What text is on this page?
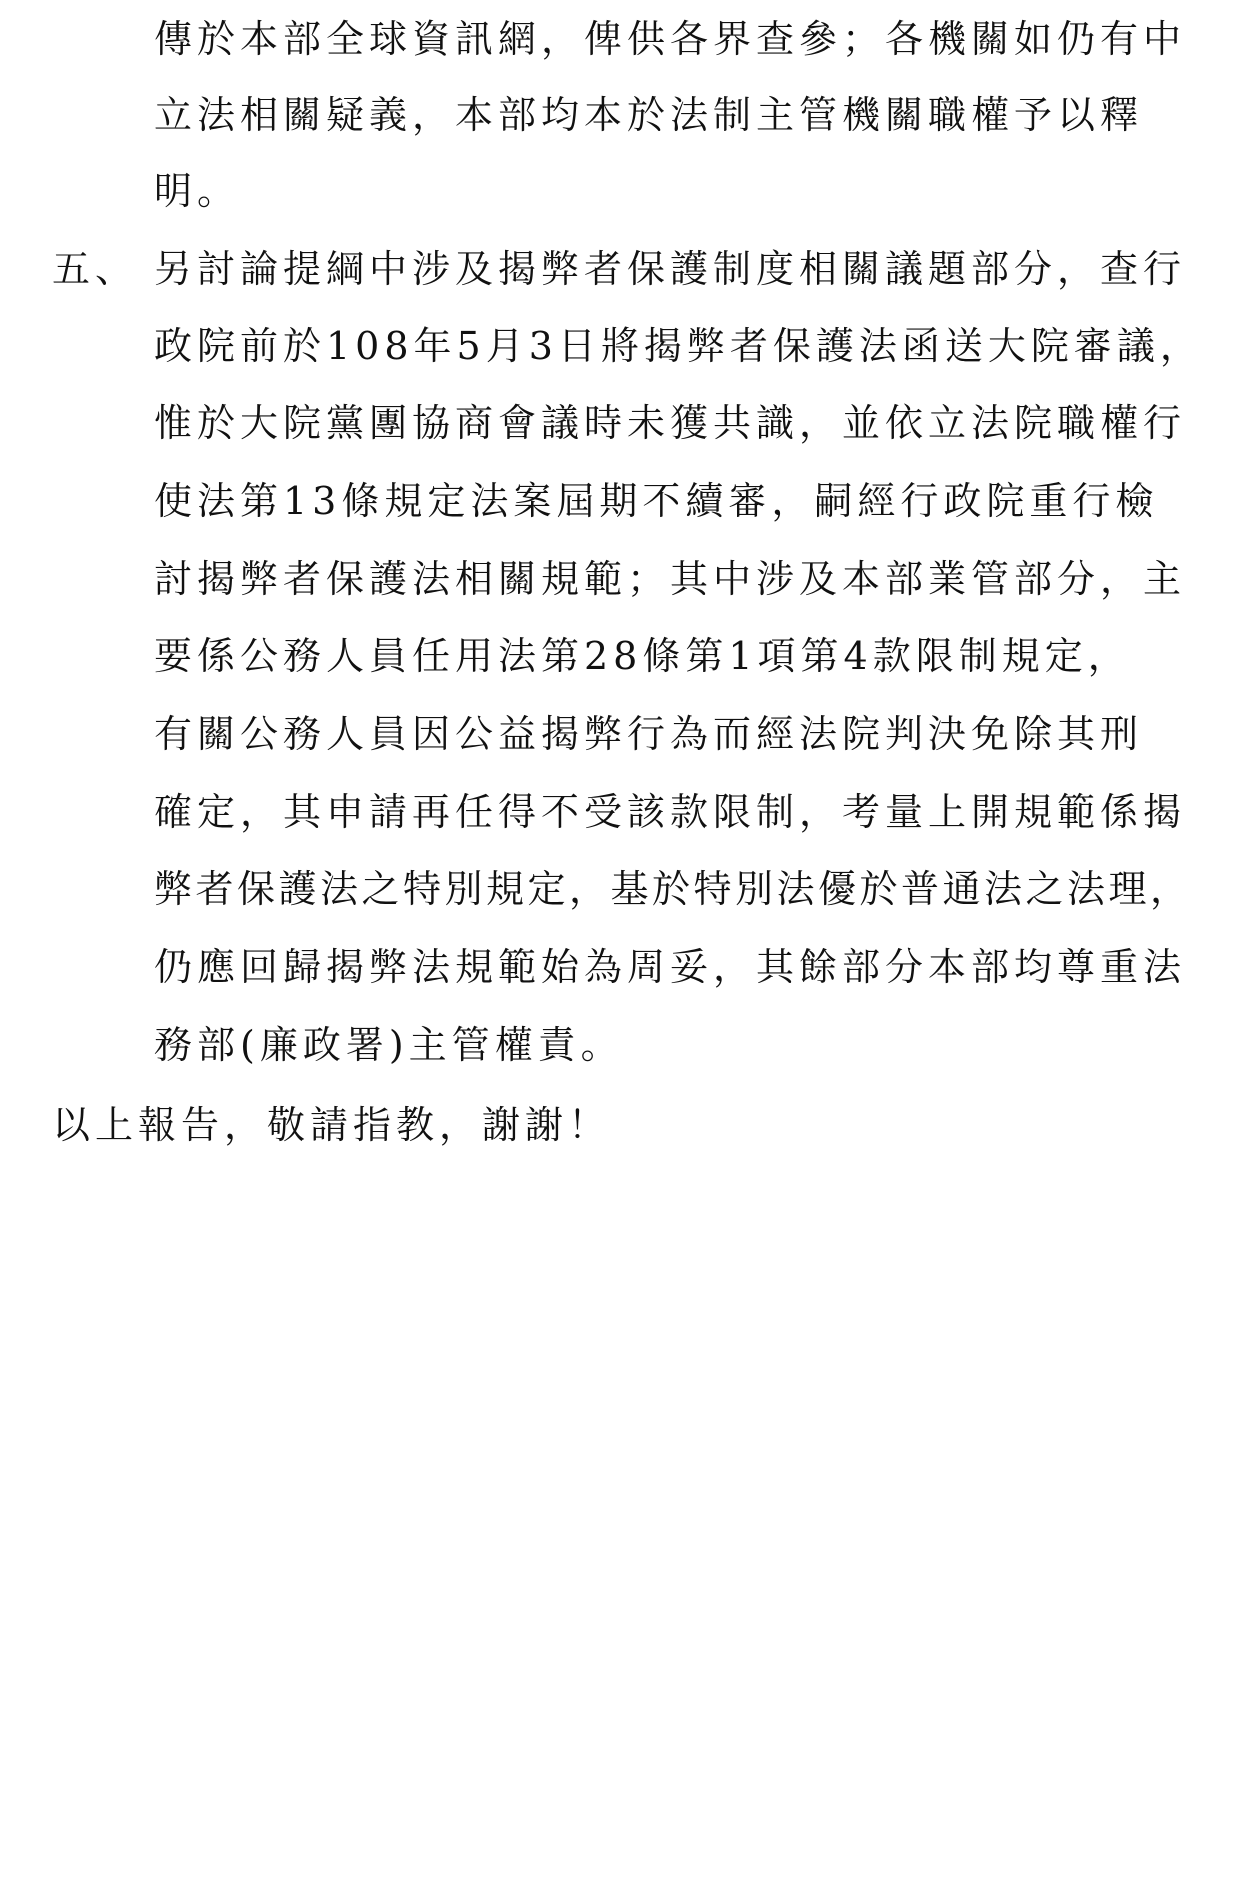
傳於本部全球資訊網，俾供各界查參；各機關如仍有中

立法相關疑義，本部均本於法制主管機關職權予以釋

明。

五、 另討論提綱中涉及揭弊者保護制度相關議題部分，查行

政院前於108年5月3日將揭弊者保護法函送大院審議，

惟於大院黨團協商會議時未獲共識，並依立法院職權行

使法第13條規定法案屆期不續審，嗣經行政院重行檢

討揭弊者保護法相關規範；其中涉及本部業管部分，主

要係公務人員任用法第28條第1項第4款限制規定，

有關公務人員因公益揭弊行為而經法院判決免除其刑

確定，其申請再任得不受該款限制，考量上開規範係揭

弊者保護法之特別規定，基於特別法優於普通法之法理，

仍應回歸揭弊法規範始為周妥，其餘部分本部均尊重法

務部(廉政署)主管權責。

以上報告，敬請指教，謝謝！
